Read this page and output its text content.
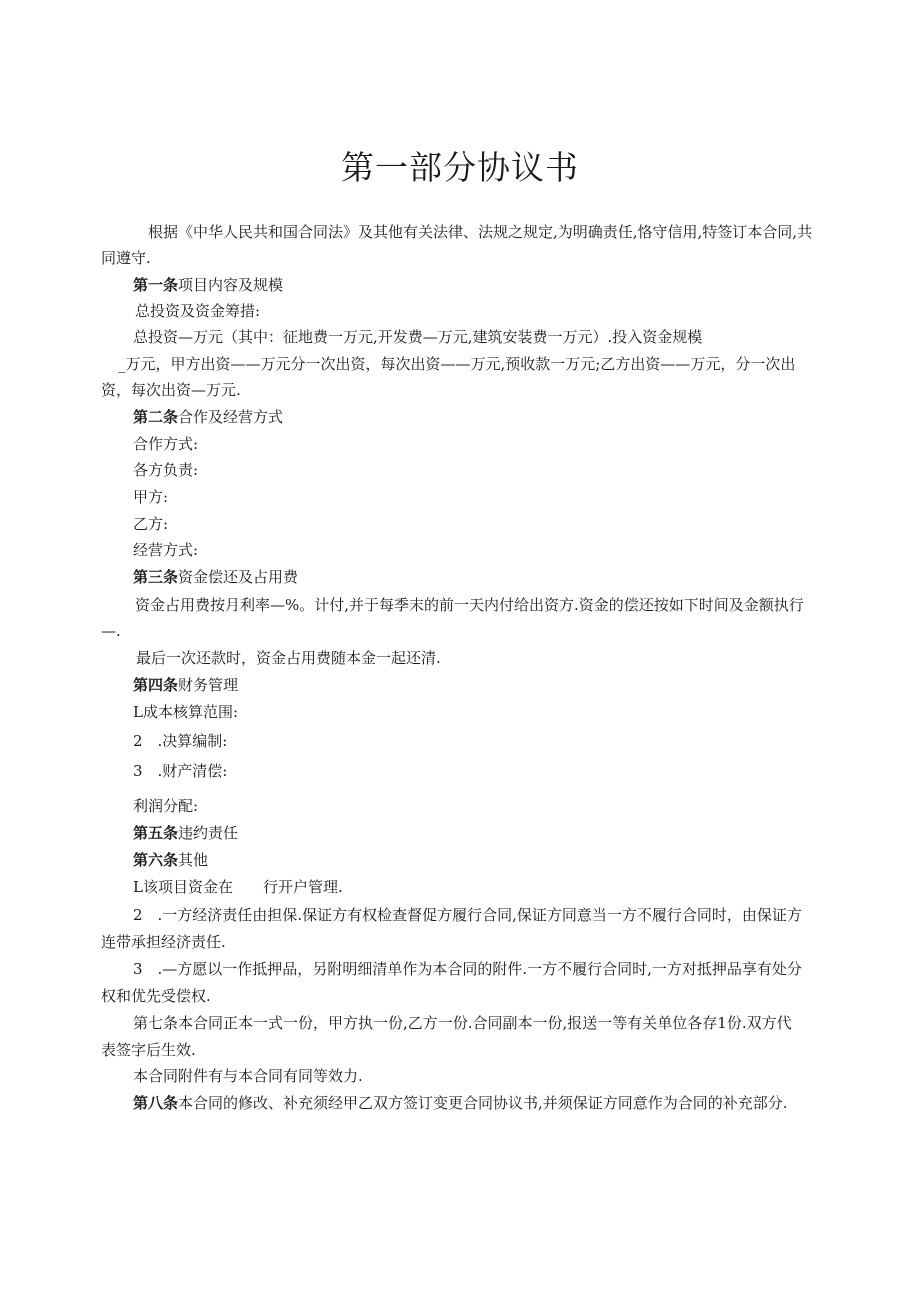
第一部分协议书

根据《中华人民共和国合同法》及其他有关法律、法规之规定,为明确责任,恪守信用,特签订本合同,共

同遵守.

第一条项目内容及规模

总投资及资金筹措:

总投资—万元（其中：征地费一万元,开发费—万元,建筑安装费一万元）.投入资金规模

_万元，甲方出资——万元分一次出资，每次出资——万元,预收款一万元;乙方出资——万元，分一次出

资，每次出资—万元.

第二条合作及经营方式

合作方式:

各方负责:

甲方:

乙方:

经营方式:

第三条资金偿还及占用费

资金占用费按月利率—%。计付,并于每季末的前一天内付给出资方.资金的偿还按如下时间及金额执行

—.

最后一次还款时，资金占用费随本金一起还清.

第四条财务管理

L成本核算范围:

2　.决算编制:

3　.财产清偿:

利润分配:

第五条违约责任

第六条其他

L该项目资金在　　行开户管理.

2　.一方经济责任由担保.保证方有权检查督促方履行合同,保证方同意当一方不履行合同时，由保证方

连带承担经济责任.

3　.—方愿以一作抵押品，另附明细清单作为本合同的附件.一方不履行合同时,一方对抵押品享有处分

权和优先受偿权.

第七条本合同正本一式一份，甲方执一份,乙方一份.合同副本一份,报送一等有关单位各存1份.双方代

表签字后生效.

本合同附件有与本合同有同等效力.

第八条本合同的修改、补充须经甲乙双方签订变更合同协议书,并须保证方同意作为合同的补充部分.
